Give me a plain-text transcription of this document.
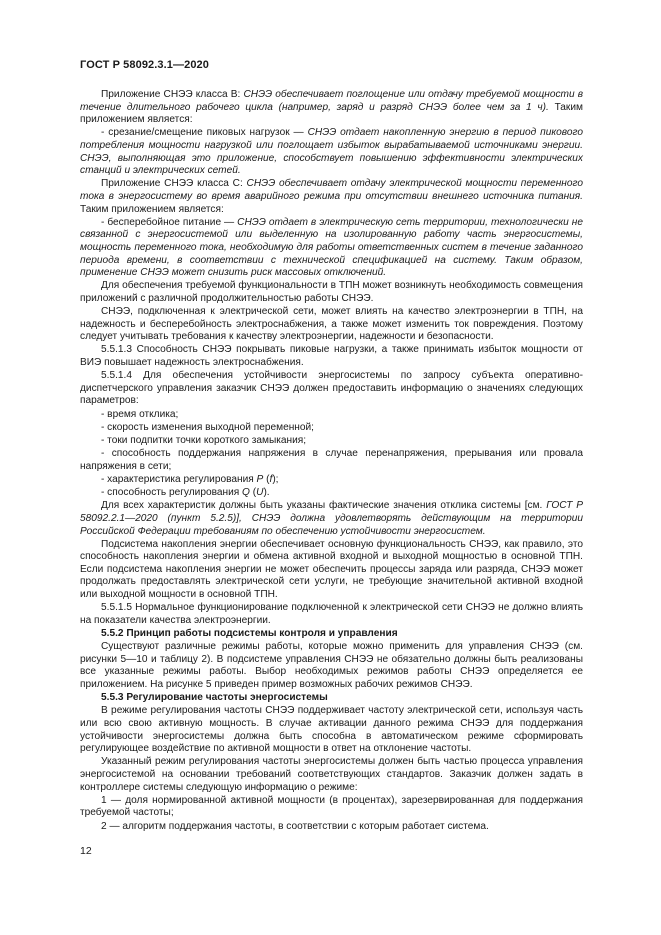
ГОСТ Р 58092.3.1—2020

Приложение СНЭЭ класса В: СНЭЭ обеспечивает поглощение или отдачу требуемой мощности в течение длительного рабочего цикла (например, заряд и разряд СНЭЭ более чем за 1 ч). Таким приложением является:

- срезание/смещение пиковых нагрузок — СНЭЭ отдает накопленную энергию в период пикового потребления мощности нагрузкой или поглощает избыток вырабатываемой источниками энергии. СНЭЭ, выполняющая это приложение, способствует повышению эффективности электрических станций и электрических сетей.

Приложение СНЭЭ класса С: СНЭЭ обеспечивает отдачу электрической мощности переменного тока в энергосистему во время аварийного режима при отсутствии внешнего источника питания. Таким приложением является:

- бесперебойное питание — СНЭЭ отдает в электрическую сеть территории, технологически не связанной с энергосистемой или выделенную на изолированную работу часть энергосистемы, мощность переменного тока, необходимую для работы ответственных систем в течение заданного периода времени, в соответствии с технической спецификацией на систему. Таким образом, применение СНЭЭ может снизить риск массовых отключений.

Для обеспечения требуемой функциональности в ТПН может возникнуть необходимость совмещения приложений с различной продолжительностью работы СНЭЭ.

СНЭЭ, подключенная к электрической сети, может влиять на качество электроэнергии в ТПН, на надежность и бесперебойность электроснабжения, а также может изменить ток повреждения. Поэтому следует учитывать требования к качеству электроэнергии, надежности и безопасности.

5.5.1.3 Способность СНЭЭ покрывать пиковые нагрузки, а также принимать избыток мощности от ВИЭ повышает надежность электроснабжения.

5.5.1.4 Для обеспечения устойчивости энергосистемы по запросу субъекта оперативно-диспетчерского управления заказчик СНЭЭ должен предоставить информацию о значениях следующих параметров:

- время отклика;

- скорость изменения выходной переменной;

- токи подпитки точки короткого замыкания;

- способность поддержания напряжения в случае перенапряжения, прерывания или провала напряжения в сети;

- характеристика регулирования P (f);

- способность регулирования Q (U).

Для всех характеристик должны быть указаны фактические значения отклика системы [см. ГОСТ Р 58092.2.1—2020 (пункт 5.2.5)], СНЭЭ должна удовлетворять действующим на территории Российской Федерации требованиям по обеспечению устойчивости энергосистем.

Подсистема накопления энергии обеспечивает основную функциональность СНЭЭ, как правило, это способность накопления энергии и обмена активной входной и выходной мощностью в основной ТПН. Если подсистема накопления энергии не может обеспечить процессы заряда или разряда, СНЭЭ может продолжать предоставлять электрической сети услуги, не требующие значительной активной входной или выходной мощности в основной ТПН.

5.5.1.5 Нормальное функционирование подключенной к электрической сети СНЭЭ не должно влиять на показатели качества электроэнергии.

5.5.2 Принцип работы подсистемы контроля и управления

Существуют различные режимы работы, которые можно применить для управления СНЭЭ (см. рисунки 5—10 и таблицу 2). В подсистеме управления СНЭЭ не обязательно должны быть реализованы все указанные режимы работы. Выбор необходимых режимов работы СНЭЭ определяется ее приложением. На рисунке 5 приведен пример возможных рабочих режимов СНЭЭ.

5.5.3 Регулирование частоты энергосистемы

В режиме регулирования частоты СНЭЭ поддерживает частоту электрической сети, используя часть или всю свою активную мощность. В случае активации данного режима СНЭЭ для поддержания устойчивости энергосистемы должна быть способна в автоматическом режиме сформировать регулирующее воздействие по активной мощности в ответ на отклонение частоты.

Указанный режим регулирования частоты энергосистемы должен быть частью процесса управления энергосистемой на основании требований соответствующих стандартов. Заказчик должен задать в контроллере системы следующую информацию о режиме:

1 — доля нормированной активной мощности (в процентах), зарезервированная для поддержания требуемой частоты;

2 — алгоритм поддержания частоты, в соответствии с которым работает система.

12
